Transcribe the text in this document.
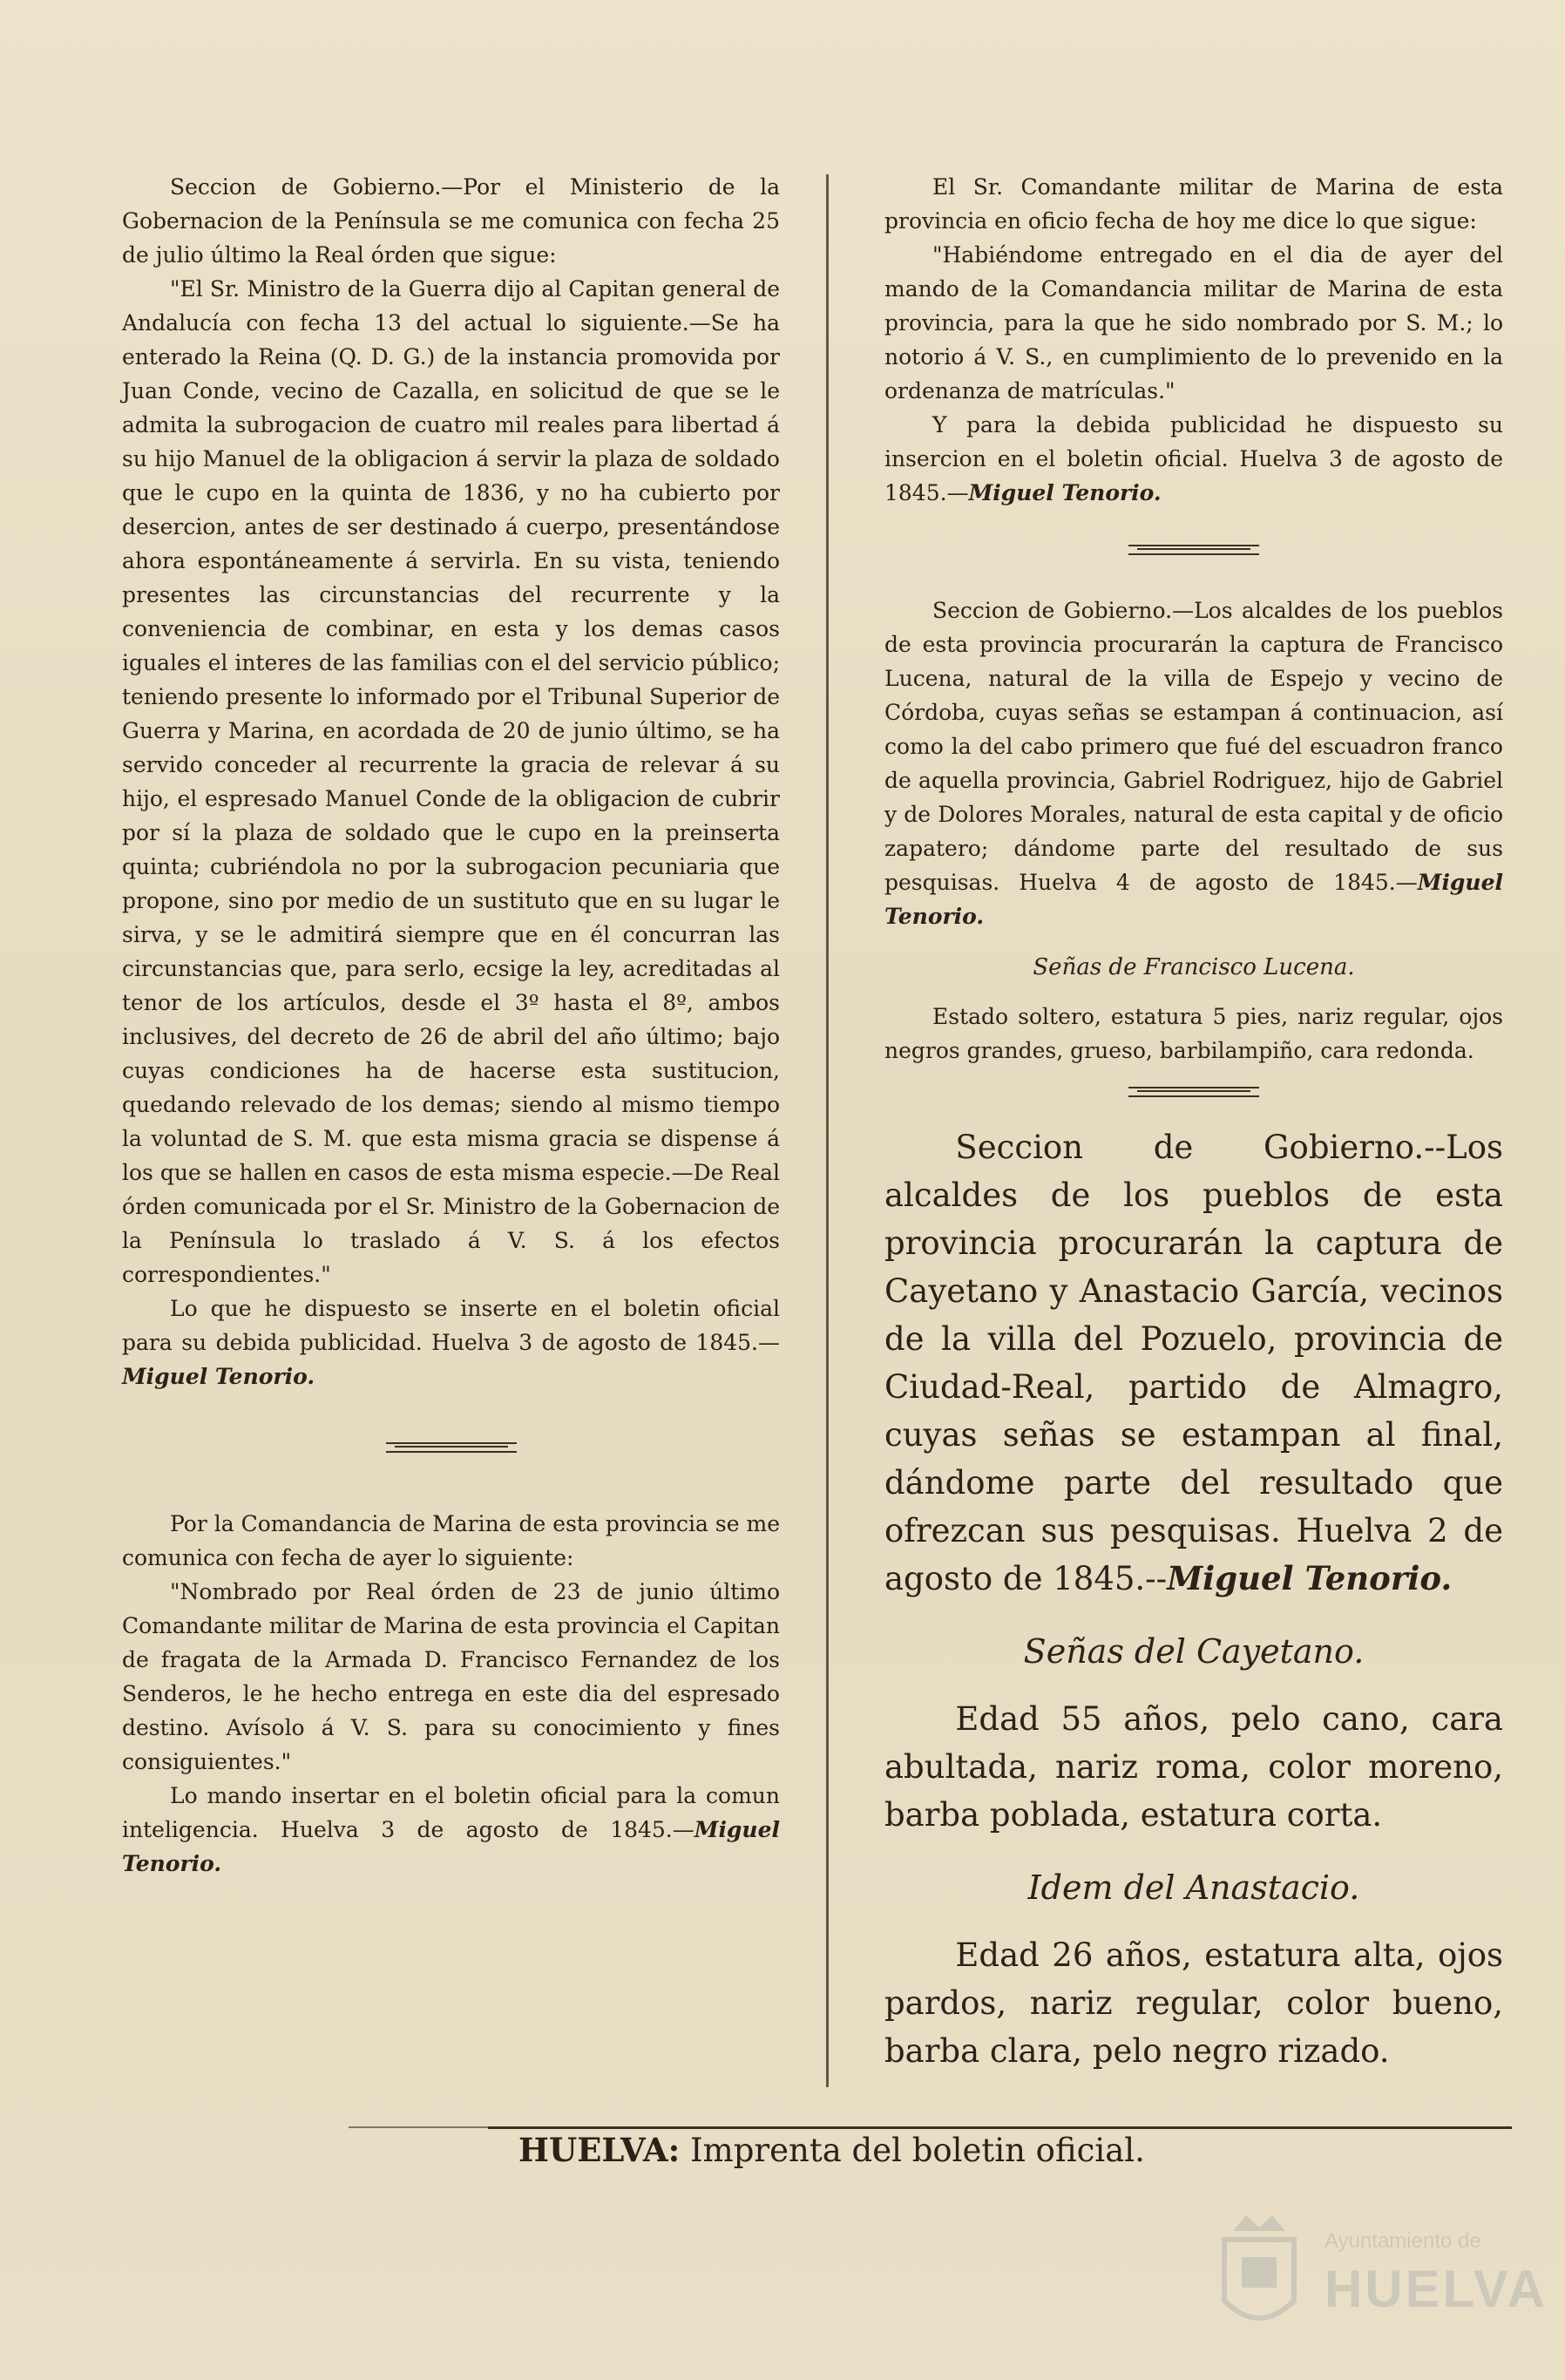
Seccion de Gobierno.—Por el Ministerio de la Gobernacion de la Península se me comunica con fecha 25 de julio último la Real órden que sigue:

"El Sr. Ministro de la Guerra dijo al Capitan general de Andalucía con fecha 13 del actual lo siguiente.—Se ha enterado la Reina (Q. D. G.) de la instancia promovida por Juan Conde, vecino de Cazalla, en solicitud de que se le admita la subrogacion de cuatro mil reales para libertad á su hijo Manuel de la obligacion á servir la plaza de soldado que le cupo en la quinta de 1836, y no ha cubierto por desercion, antes de ser destinado á cuerpo, presentándose ahora espontáneamente á servirla. En su vista, teniendo presentes las circunstancias del recurrente y la conveniencia de combinar, en esta y los demas casos iguales el interes de las familias con el del servicio público; teniendo presente lo informado por el Tribunal Superior de Guerra y Marina, en acordada de 20 de junio último, se ha servido conceder al recurrente la gracia de relevar á su hijo, el espresado Manuel Conde de la obligacion de cubrir por sí la plaza de soldado que le cupo en la preinserta quinta; cubriéndola no por la subrogacion pecuniaria que propone, sino por medio de un sustituto que en su lugar le sirva, y se le admitirá siempre que en él concurran las circunstancias que, para serlo, ecsige la ley, acreditadas al tenor de los artículos, desde el 3º hasta el 8º, ambos inclusives, del decreto de 26 de abril del año último; bajo cuyas condiciones ha de hacerse esta sustitucion, quedando relevado de los demas; siendo al mismo tiempo la voluntad de S. M. que esta misma gracia se dispense á los que se hallen en casos de esta misma especie.—De Real órden comunicada por el Sr. Ministro de la Gobernacion de la Península lo traslado á V. S. á los efectos correspondientes."

Lo que he dispuesto se inserte en el boletin oficial para su debida publicidad. Huelva 3 de agosto de 1845.—Miguel Tenorio.

Por la Comandancia de Marina de esta provincia se me comunica con fecha de ayer lo siguiente:

"Nombrado por Real órden de 23 de junio último Comandante militar de Marina de esta provincia el Capitan de fragata de la Armada D. Francisco Fernandez de los Senderos, le he hecho entrega en este dia del espresado destino. Avísolo á V. S. para su conocimiento y fines consiguientes."

Lo mando insertar en el boletin oficial para la comun inteligencia. Huelva 3 de agosto de 1845.—Miguel Tenorio.

El Sr. Comandante militar de Marina de esta provincia en oficio fecha de hoy me dice lo que sigue:

"Habiéndome entregado en el dia de ayer del mando de la Comandancia militar de Marina de esta provincia, para la que he sido nombrado por S. M.; lo notorio á V. S., en cumplimiento de lo prevenido en la ordenanza de matrículas."

Y para la debida publicidad he dispuesto su insercion en el boletin oficial. Huelva 3 de agosto de 1845.—Miguel Tenorio.

Seccion de Gobierno.—Los alcaldes de los pueblos de esta provincia procurarán la captura de Francisco Lucena, natural de la villa de Espejo y vecino de Córdoba, cuyas señas se estampan á continuacion, así como la del cabo primero que fué del escuadron franco de aquella provincia, Gabriel Rodriguez, hijo de Gabriel y de Dolores Morales, natural de esta capital y de oficio zapatero; dándome parte del resultado de sus pesquisas. Huelva 4 de agosto de 1845.—Miguel Tenorio.

Señas de Francisco Lucena.

Estado soltero, estatura 5 pies, nariz regular, ojos negros grandes, grueso, barbilampiño, cara redonda.

Seccion de Gobierno.--Los alcaldes de los pueblos de esta provincia procurarán la captura de Cayetano y Anastacio García, vecinos de la villa del Pozuelo, provincia de Ciudad-Real, partido de Almagro, cuyas señas se estampan al final, dándome parte del resultado que ofrezcan sus pesquisas. Huelva 2 de agosto de 1845.--Miguel Tenorio.

Señas del Cayetano.

Edad 55 años, pelo cano, cara abultada, nariz roma, color moreno, barba poblada, estatura corta.

Idem del Anastacio.

Edad 26 años, estatura alta, ojos pardos, nariz regular, color bueno, barba clara, pelo negro rizado.

HUELVA: Imprenta del boletin oficial.
Ayuntamiento de
HUELVA
